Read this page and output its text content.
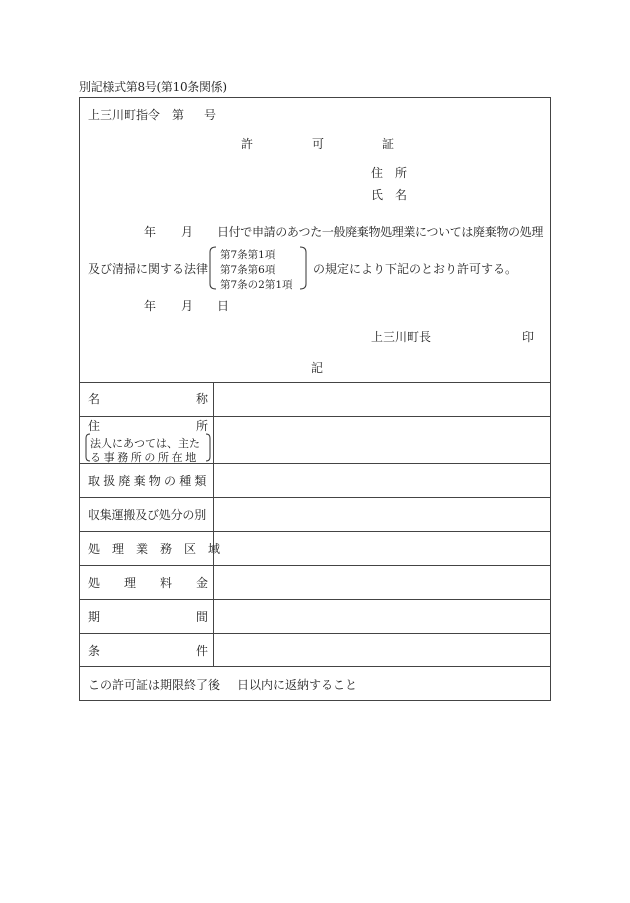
別記様式第8号(第10条関係)
上三川町指令 第 号
許	可	証
住　所
氏　名
年 月 日付で申請のあつた一般廃棄物処理業については廃棄物の処理
及び清掃に関する法律
第7条第1項
第7条第6項
第7条の2第1項
の規定により下記のとおり許可する。
年 月 日
上三川町長	印
記
名　　　　　　　　称
住　　　　　　　　所
法人にあつては、主た
る事務所の所在地
取扱廃棄物の種類
収集運搬及び処分の別
処　理　業　務　区　域
処　　理　　料　　金
期　　　　　　　　間
条　　　　　　　　件
この許可証は期限終了後 日以内に返納すること
